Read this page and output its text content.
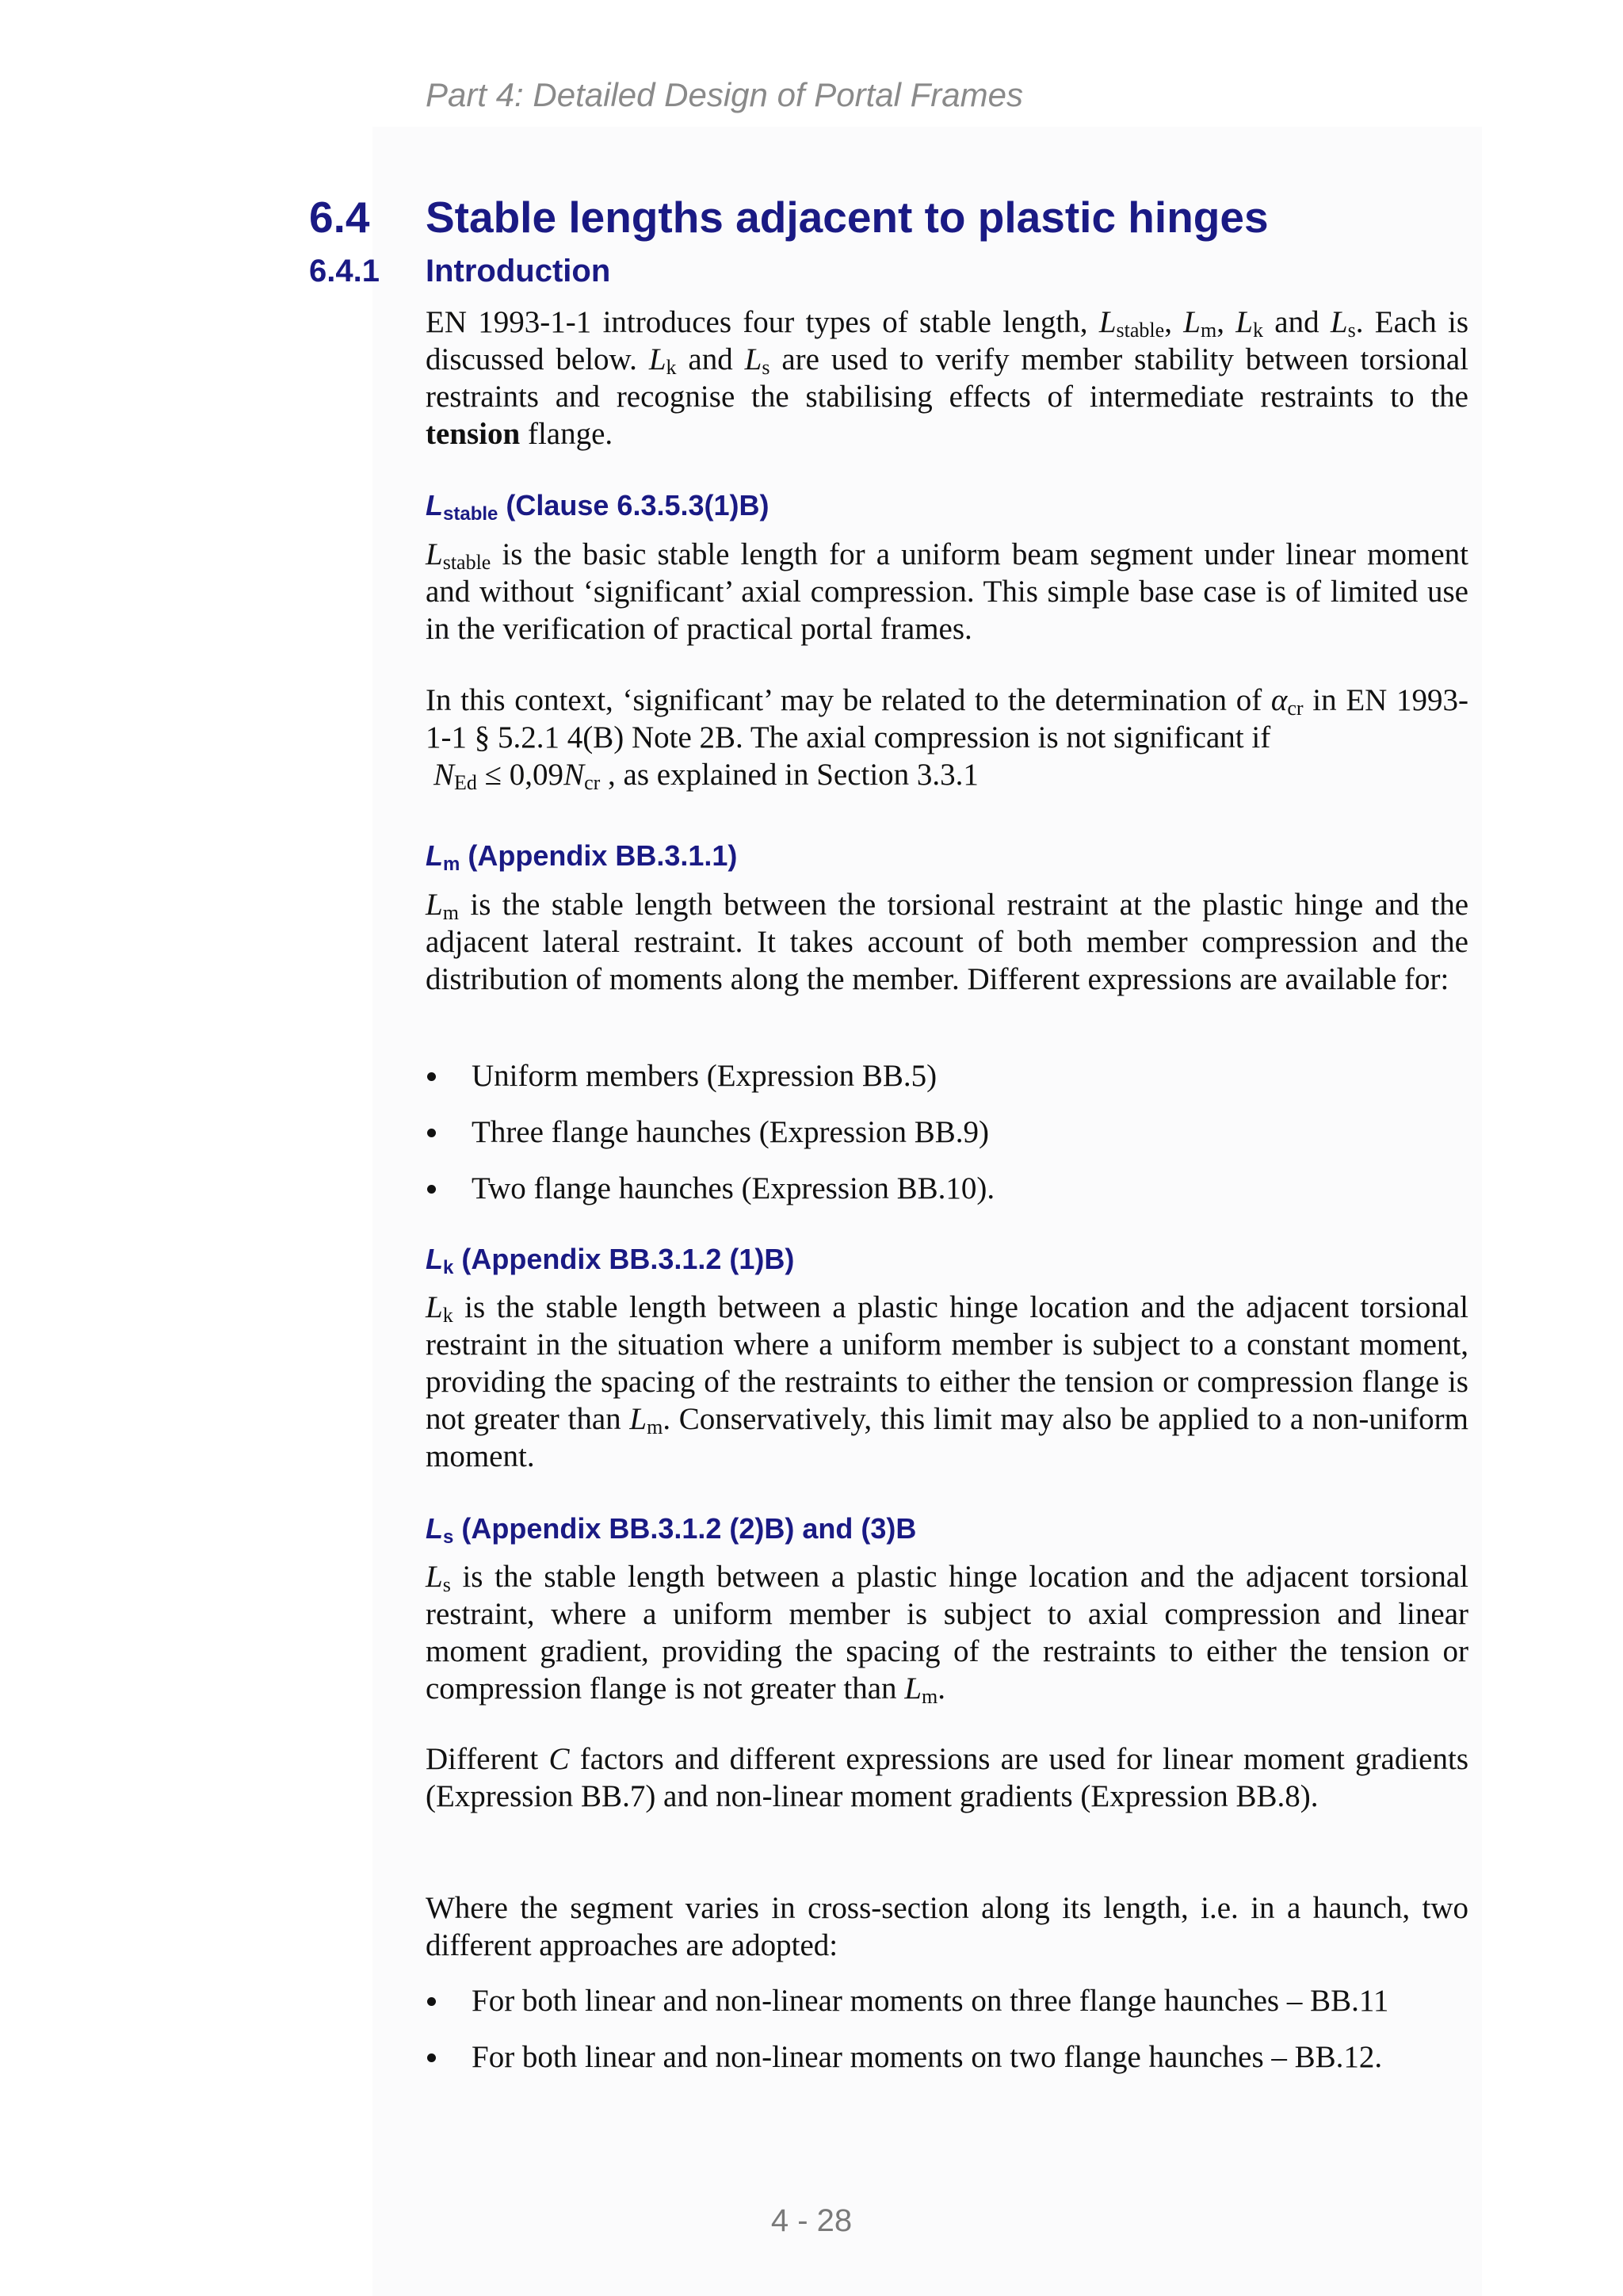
Part 4: Detailed Design of Portal Frames
6.4 Stable lengths adjacent to plastic hinges
6.4.1 Introduction

EN 1993-1-1 introduces four types of stable length, $L_{stable}$, $L_m$, $L_k$ and $L_s$. Each is discussed below. $L_k$ and $L_s$ are used to verify member stability between torsional restraints and recognise the stabilising effects of intermediate restraints to the tension flange.

$L_{stable}$ (Clause 6.3.5.3(1)B)

$L_{stable}$ is the basic stable length for a uniform beam segment under linear moment and without ‘significant’ axial compression. This simple base case is of limited use in the verification of practical portal frames.

In this context, ‘significant’ may be related to the determination of $\alpha_{cr}$ in EN 1993-1-1 § 5.2.1 4(B) Note 2B. The axial compression is not significant if
$N_{Ed} \le 0,09N_{cr}$ , as explained in Section 3.3.1

$L_m$ (Appendix BB.3.1.1)

$L_m$ is the stable length between the torsional restraint at the plastic hinge and the adjacent lateral restraint. It takes account of both member compression and the distribution of moments along the member. Different expressions are available for:

Uniform members (Expression BB.5)
Three flange haunches (Expression BB.9)
Two flange haunches (Expression BB.10).
$L_k$ (Appendix BB.3.1.2 (1)B)

$L_k$ is the stable length between a plastic hinge location and the adjacent torsional restraint in the situation where a uniform member is subject to a constant moment, providing the spacing of the restraints to either the tension or compression flange is not greater than $L_m$. Conservatively, this limit may also be applied to a non-uniform moment.

$L_s$ (Appendix BB.3.1.2 (2)B) and (3)B

$L_s$ is the stable length between a plastic hinge location and the adjacent torsional restraint, where a uniform member is subject to axial compression and linear moment gradient, providing the spacing of the restraints to either the tension or compression flange is not greater than $L_m$.

Different C factors and different expressions are used for linear moment gradients (Expression BB.7) and non-linear moment gradients (Expression BB.8).

Where the segment varies in cross-section along its length, i.e. in a haunch, two different approaches are adopted:

For both linear and non-linear moments on three flange haunches – BB.11
For both linear and non-linear moments on two flange haunches – BB.12.
4 - 28
